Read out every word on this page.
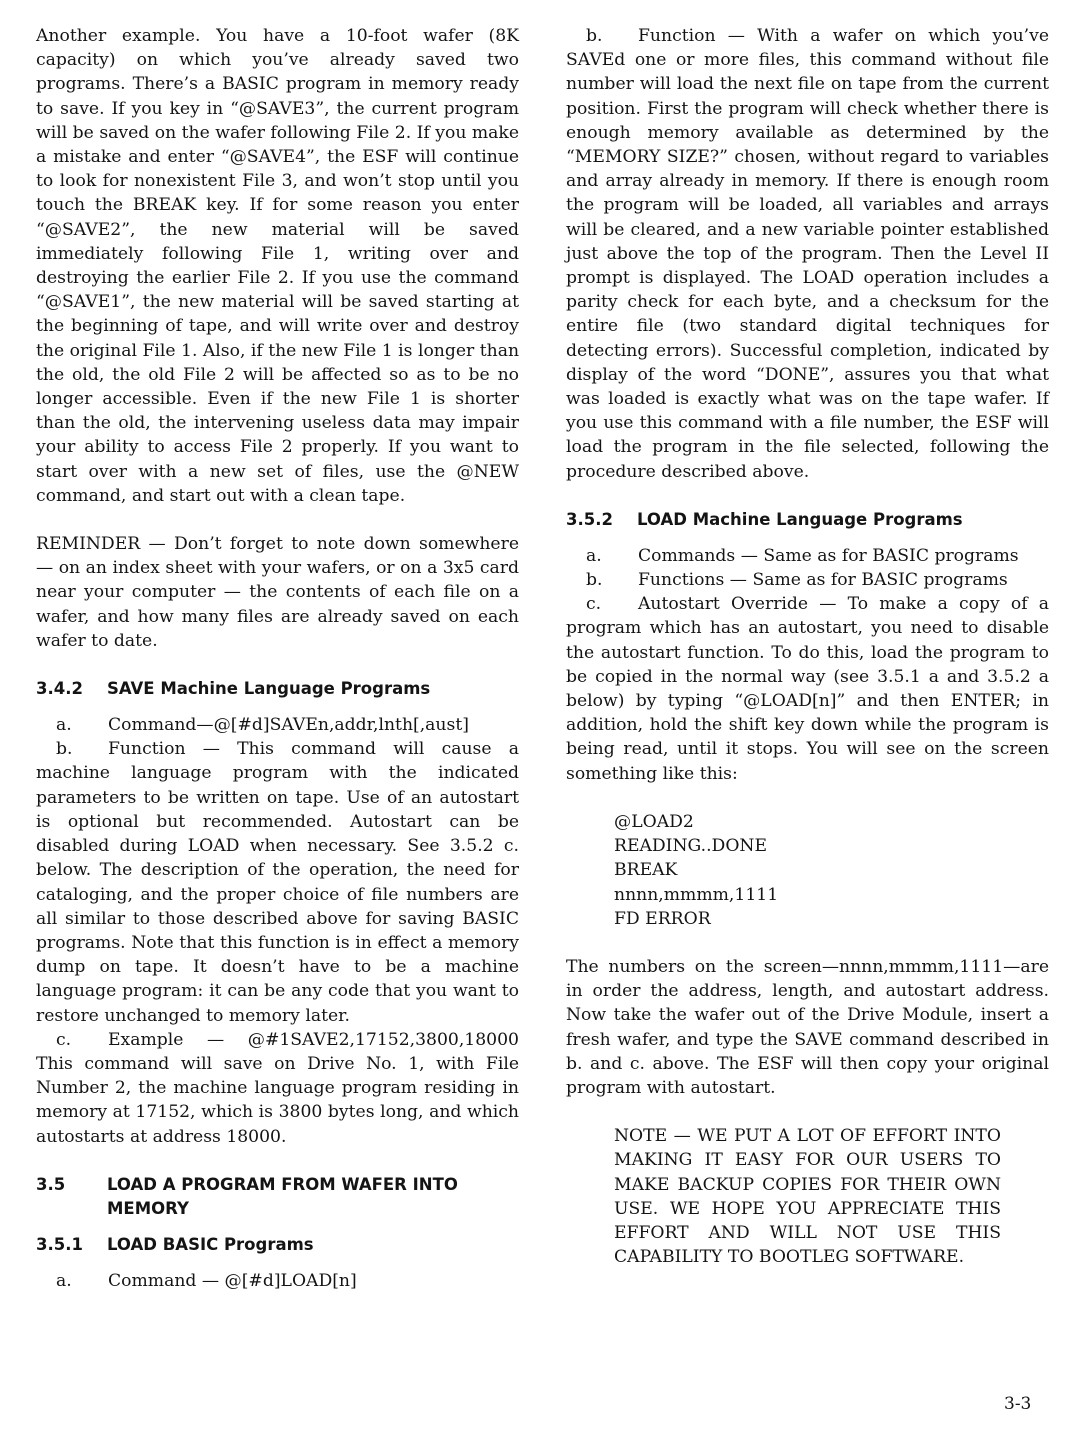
Another example. You have a 10-foot wafer (8K capacity) on which you’ve already saved two programs. There’s a BASIC program in memory ready to save. If you key in “@SAVE3”, the current program will be saved on the wafer following File 2. If you make a mistake and enter “@SAVE4”, the ESF will continue to look for nonexistent File 3, and won’t stop until you touch the BREAK key. If for some reason you enter “@SAVE2”, the new material will be saved immediately following File 1, writing over and destroying the earlier File 2. If you use the command “@SAVE1”, the new material will be saved starting at the beginning of tape, and will write over and destroy the original File 1. Also, if the new File 1 is longer than the old, the old File 2 will be affected so as to be no longer accessible. Even if the new File 1 is shorter than the old, the intervening useless data may impair your ability to access File 2 properly. If you want to start over with a new set of files, use the @NEW command, and start out with a clean tape.

REMINDER — Don’t forget to note down somewhere — on an index sheet with your wafers, or on a 3x5 card near your computer — the contents of each file on a wafer, and how many files are already saved on each wafer to date.

3.4.2	SAVE Machine Language Programs

a. Command—@[#d]SAVEn,addr,lnth[,aust]

b. Function — This command will cause a machine language program with the indicated parameters to be written on tape. Use of an autostart is optional but recommended. Autostart can be disabled during LOAD when necessary. See 3.5.2 c. below. The description of the operation, the need for cataloging, and the proper choice of file numbers are all similar to those described above for saving BASIC programs. Note that this function is in effect a memory dump on tape. It doesn’t have to be a machine language program: it can be any code that you want to restore unchanged to memory later.

c. Example — @#1SAVE2,17152,3800,18000 This command will save on Drive No. 1, with File Number 2, the machine language program residing in memory at 17152, which is 3800 bytes long, and which autostarts at address 18000.

3.5	LOAD A PROGRAM FROM WAFER INTO MEMORY
3.5.1	LOAD BASIC Programs

a. Command — @[#d]LOAD[n]

b. Function — With a wafer on which you’ve SAVEd one or more files, this command without file number will load the next file on tape from the current position. First the program will check whether there is enough memory available as determined by the “MEMORY SIZE?” chosen, without regard to variables and array already in memory. If there is enough room the program will be loaded, all variables and arrays will be cleared, and a new variable pointer established just above the top of the program. Then the Level II prompt is displayed. The LOAD operation includes a parity check for each byte, and a checksum for the entire file (two standard digital techniques for detecting errors). Successful completion, indicated by display of the word “DONE”, assures you that what was loaded is exactly what was on the tape wafer. If you use this command with a file number, the ESF will load the program in the file selected, following the procedure described above.

3.5.2	LOAD Machine Language Programs

a. Commands — Same as for BASIC programs

b. Functions — Same as for BASIC programs

c. Autostart Override — To make a copy of a program which has an autostart, you need to disable the autostart function. To do this, load the program to be copied in the normal way (see 3.5.1 a and 3.5.2 a below) by typing “@LOAD[n]” and then ENTER; in addition, hold the shift key down while the program is being read, until it stops. You will see on the screen something like this:

@LOAD2
READING..DONE
BREAK
nnnn,mmmm,1111
FD ERROR

The numbers on the screen—nnnn,mmmm,1111—are in order the address, length, and autostart address. Now take the wafer out of the Drive Module, insert a fresh wafer, and type the SAVE command described in b. and c. above. The ESF will then copy your original program with autostart.

NOTE — WE PUT A LOT OF EFFORT INTO MAKING IT EASY FOR OUR USERS TO MAKE BACKUP COPIES FOR THEIR OWN USE. WE HOPE YOU APPRECIATE THIS EFFORT AND WILL NOT USE THIS CAPABILITY TO BOOTLEG SOFTWARE.

3-3
